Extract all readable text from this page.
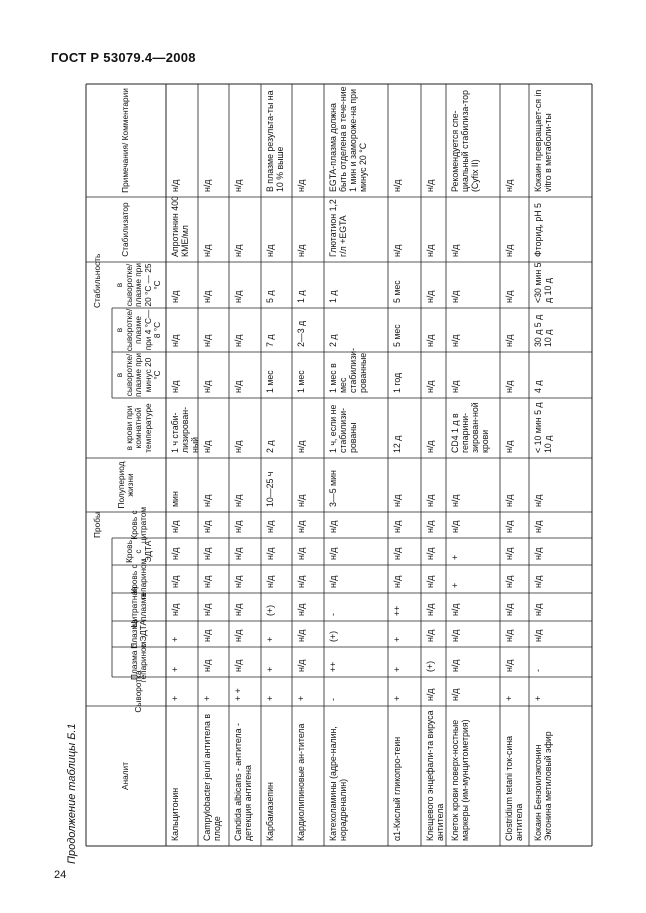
ГОСТ Р 53079.4—2008
24
Продолжение таблицы Б.1	Аналит
Пробы
Стабильность
Сыворотка
Плазма с гепарином
Плазма с ЭДТА
Цитратная плазма
Кровь с гепарином
Кровь с ЭДТА
Кровь с цитратом
Полупериод жизни
в крови при комнатной температуре
в сыворотке/ плазме при минус 20 °С
в сыворотке/ плазме при 4 °С—8 °С
в сыворотке/ плазме при 20 °С — 25 °С
Стабилизатор
Примечания/ Комментарии
Кальцитонин
+
+
+
н/д
н/д
н/д
н/д
мин
1 ч стаби-лизирован-ный
н/д
н/д
н/д
Апротинин 400 КМЕ/мл
н/д
Campylobacter jeuni антитела в плоде
+
н/д
н/д
н/д
н/д
н/д
н/д
н/д
н/д
н/д
н/д
н/д
н/д
н/д
Candida albicans - антитела - детекция антигена
+ +
н/д
н/д
н/д
н/д
н/д
н/д
н/д
н/д
н/д
н/д
н/д
н/д
н/д
Карбамазепин
+
+
+
(+)
н/д
н/д
н/д
10—25 ч
2 д
1 мес
7 д
5 д
н/д
В плазме результа-ты на 10 % выше
Кардиолипиновые ан-титела
+
н/д
н/д
н/д
н/д
н/д
н/д
н/д
н/д
1 мес
2—3 д
1 д
н/д
н/д
Катехоламины (адре-налин, норадреналин)
-
++
(+)
-
н/д
н/д
н/д
3—5 мин
1 ч, если не стабилизи-рованы
1 мес в мес стабилизи-рованные
2 д
1 д
Глютатион 1,2 г/л +EGTA
EGTA-плазма должна быть отделена в тече-ние 1 мин и заморожe-на при минус 20 °С
α1-Кислый гликопро-теин
+
+
+
++
н/д
н/д
н/д
н/д
12 д
1 год
5 мес
5 мес
н/д
н/д
Клещевого энцефали-та вируса антитела
н/д
(+)
н/д
н/д
н/д
н/д
н/д
н/д
н/д
н/д
н/д
н/д
н/д
н/д
Клеток крови поверх-ностные маркеры (им-мунцитометрия)
н/д
н/д
н/д
н/д
+
+
н/д
н/д
CD4 1 д в гепарини-зирован-ной крови
н/д
н/д
н/д
н/д
Рекомендуется спе-циальный стабилиза-тор (Cyfix II)
Clostridium tetani ток-сина антитела
+
н/д
н/д
н/д
н/д
н/д
н/д
н/д
н/д
н/д
н/д
н/д
н/д
н/д
Кокаин Бензоилэкгонин Экгонина метиловый эфир
+
-
н/д
н/д
н/д
н/д
н/д
н/д
< 10 мин 5 д 10 д
4 д
30 д 5 д 10 д
<30 мин 5 д 10 д
Фторид, pH 5
Кокаин превращает-ся in vitro в метаболи-ты
